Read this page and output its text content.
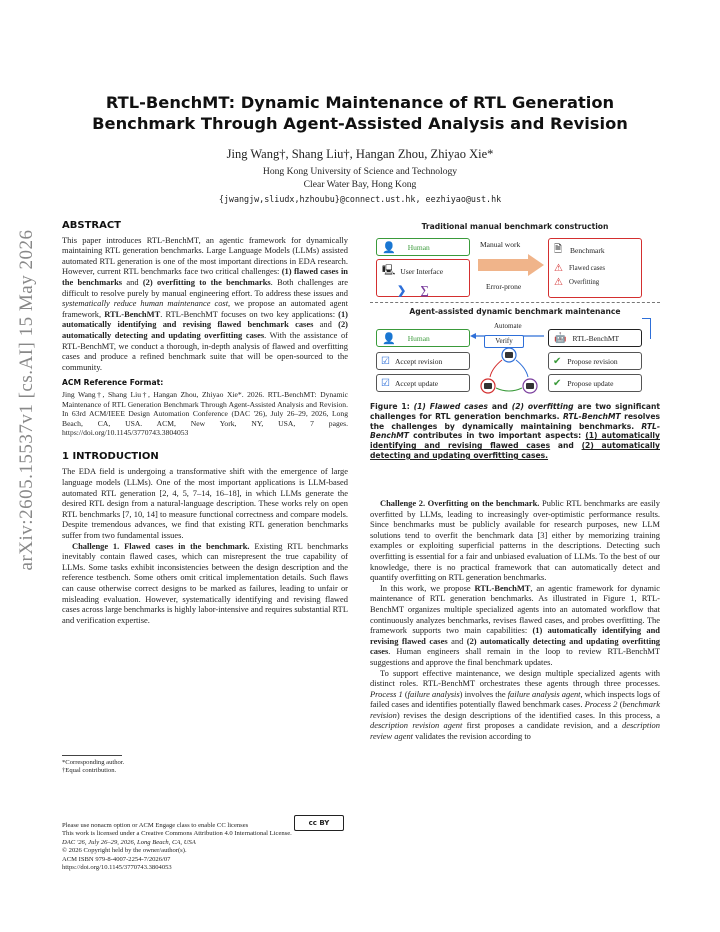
arXiv:2605.15537v1 [cs.AI] 15 May 2026
RTL-BenchMT: Dynamic Maintenance of RTL Generation
Benchmark Through Agent-Assisted Analysis and Revision
Jing Wang†, Shang Liu†, Hangan Zhou, Zhiyao Xie*
Hong Kong University of Science and Technology
Clear Water Bay, Hong Kong
{jwangjw,sliudx,hzhoubu}@connect.ust.hk, eezhiyao@ust.hk
ABSTRACT

This paper introduces RTL-BenchMT, an agentic framework for dynamically maintaining RTL generation benchmarks. Large Language Models (LLMs) assisted automated RTL generation is one of the most important directions in EDA research. However, current RTL benchmarks face two critical challenges: (1) flawed cases in the benchmarks and (2) overfitting to the benchmarks. Both challenges are difficult to resolve purely by manual engineering effort. To address these issues and systematically reduce human maintenance cost, we propose an automated agent framework, RTL-BenchMT. RTL-BenchMT focuses on two key applications: (1) automatically identifying and revising flawed benchmark cases and (2) automatically detecting and updating overfitting cases. With the assistance of RTL-BenchMT, we conduct a thorough, in-depth analysis of flawed and overfitting cases and produce a refined benchmark suite that will be open-sourced to the community.

ACM Reference Format:

Jing Wang†, Shang Liu†, Hangan Zhou, Zhiyao Xie*. 2026. RTL-BenchMT: Dynamic Maintenance of RTL Generation Benchmark Through Agent-Assisted Analysis and Revision. In 63rd ACM/IEEE Design Automation Conference (DAC '26), July 26–29, 2026, Long Beach, CA, USA. ACM, New York, NY, USA, 7 pages. https://doi.org/10.1145/3770743.3804053

1 INTRODUCTION

The EDA field is undergoing a transformative shift with the emergence of large language models (LLMs). One of the most important applications is LLM-based automated RTL generation [2, 4, 5, 7–14, 16–18], in which LLMs generate the desired RTL design from a natural-language description. These works rely on open RTL benchmarks [7, 10, 14] to measure functional correctness and compare models. Despite tremendous advances, we find that existing RTL generation benchmarks suffer from two fundamental issues.

Challenge 1. Flawed cases in the benchmark. Existing RTL benchmarks inevitably contain flawed cases, which can misrepresent the true capability of LLMs. Some tasks exhibit inconsistencies between the design description and the reference testbench. Some others omit critical implementation details. Such flaws can cause otherwise correct designs to be marked as failures, leading to unfair or misleading evaluation. However, systematically identifying and revising flawed cases across large benchmarks is highly labor-intensive and requires substantial RTL and verification expertise.

*Corresponding author.
†Equal contribution.
Please use nonacm option or ACM Engage class to enable CC licenses
This work is licensed under a Creative Commons Attribution 4.0 International License.
DAC '26, July 26–29, 2026, Long Beach, CA, USA
© 2026 Copyright held by the owner/author(s).
ACM ISBN 979-8-4007-2254-7/2026/07
https://doi.org/10.1145/3770743.3804053
cc BY
Traditional manual benchmark construction
👤 Human
🖳 User Interface
❯ ∑
Manual work
Error-prone
🗎 Benchmark
⚠ Flawed cases
⚠ Overfitting
Agent-assisted dynamic benchmark maintenance
👤 Human
Automate
Verify	🤖 RTL-BenchMT
☑ Accept revision
☑ Accept update
✔ Propose revision
✔ Propose update
Figure 1: (1) Flawed cases and (2) overfitting are two significant challenges for RTL generation benchmarks. RTL-BenchMT resolves the challenges by dynamically maintaining benchmarks. RTL-BenchMT contributes in two important aspects: (1) automatically identifying and revising flawed cases and (2) automatically detecting and updating overfitting cases.

Challenge 2. Overfitting on the benchmark. Public RTL benchmarks are easily overfitted by LLMs, leading to increasingly over-optimistic performance results. Since benchmarks must be publicly available for research purposes, new LLM solutions tend to overfit the benchmark data [3] either by memorizing training examples or exploiting superficial patterns in the descriptions. Detecting such overfitting is essential for a fair and unbiased evaluation of LLMs. To the best of our knowledge, there is no practical framework that can automatically detect and quantify overfitting on RTL generation benchmarks.

In this work, we propose RTL-BenchMT, an agentic framework for dynamic maintenance of RTL generation benchmarks. As illustrated in Figure 1, RTL-BenchMT organizes multiple specialized agents into an automated workflow that continuously analyzes benchmarks, revises flawed cases, and probes overfitting. The framework supports two main capabilities: (1) automatically identifying and revising flawed cases and (2) automatically detecting and updating overfitting cases. Human engineers shall remain in the loop to review RTL-BenchMT suggestions and approve the final benchmark updates.

To support effective maintenance, we design multiple specialized agents with distinct roles. RTL-BenchMT orchestrates these agents through three processes. Process 1 (failure analysis) involves the failure analysis agent, which inspects logs of failed cases and identifies potentially flawed benchmark cases. Process 2 (benchmark revision) revises the design descriptions of the identified cases. In this process, a description revision agent first proposes a candidate revision, and a description review agent validates the revision according to
